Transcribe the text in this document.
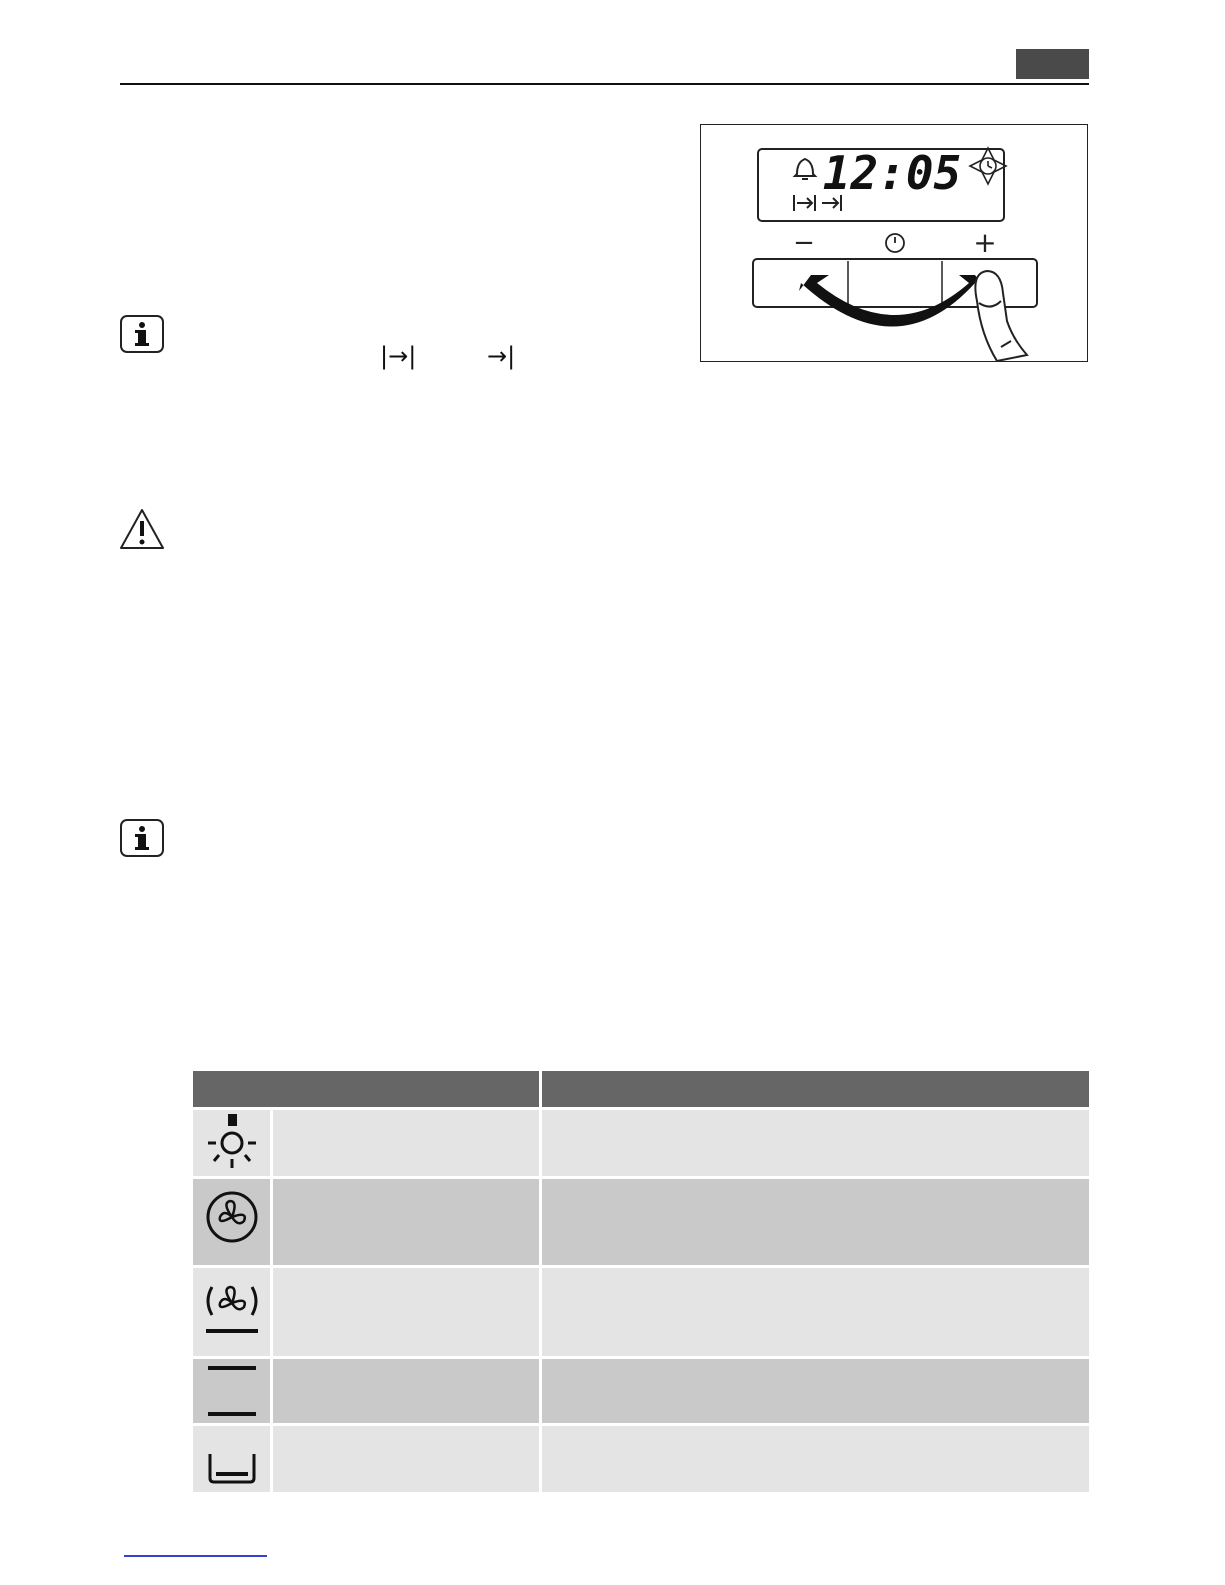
12:05
−	+
|→|	→|
